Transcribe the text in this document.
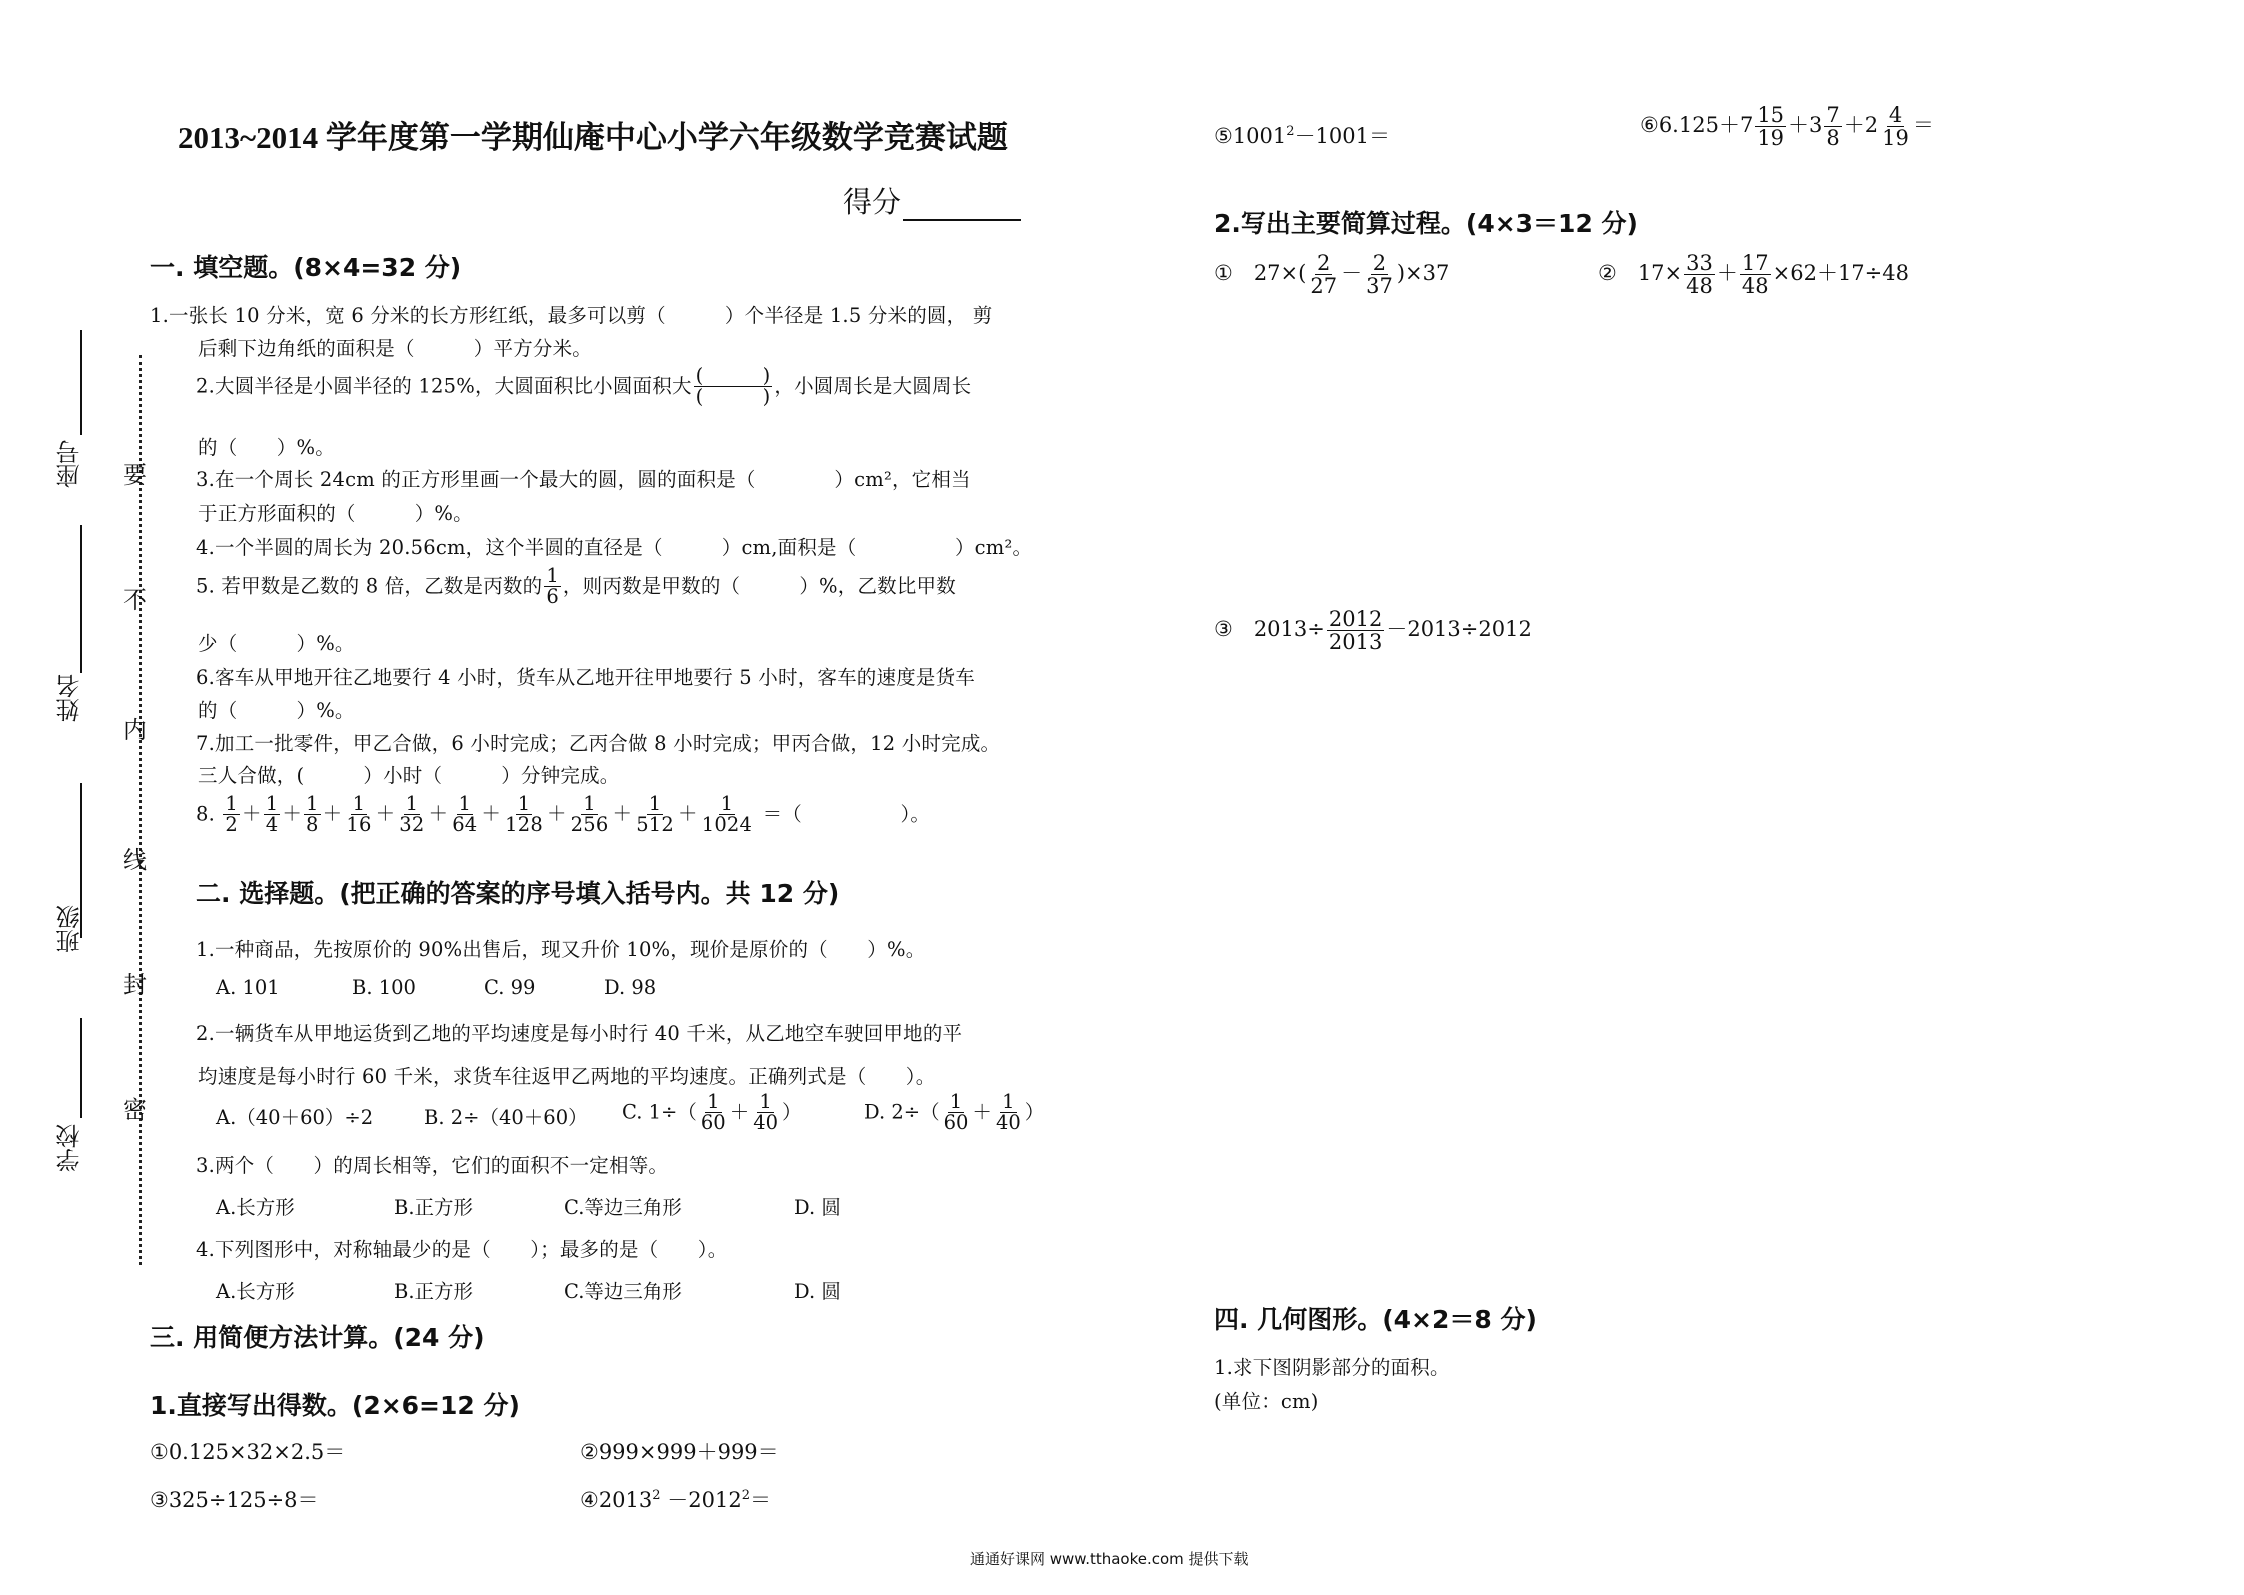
2013~2014 学年度第一学期仙庵中心小学六年级数学竞赛试题
得分
座号
姓名
班级
学校
要
不
内
线
封
密
一. 填空题。(8×4=32 分)
1.一张长 10 分米，宽 6 分米的长方形红纸，最多可以剪（　　　）个半径是 1.5 分米的圆， 剪
后剩下边角纸的面积是（　　　）平方分米。
2.大圆半径是小圆半径的 125%，大圆面积比小圆面积大 $\frac{( )}{( )}$ ，小圆周长是大圆周长
的（　　）%。
3.在一个周长 24cm 的正方形里画一个最大的圆，圆的面积是（　　　　）cm²，它相当
于正方形面积的（　　　）%。
4.一个半圆的周长为 20.56cm，这个半圆的直径是（　　　）cm,面积是（　　　　　）cm²。
5. 若甲数是乙数的 8 倍，乙数是丙数的 $\frac{1}{6}$ ，则丙数是甲数的（　　　）%，乙数比甲数
少（　　　）%。
6.客车从甲地开往乙地要行 4 小时，货车从乙地开往甲地要行 5 小时，客车的速度是货车
的（　　　）%。
7.加工一批零件，甲乙合做，6 小时完成；乙丙合做 8 小时完成；甲丙合做，12 小时完成。
三人合做，(　　　）小时（　　　）分钟完成。
8. $\frac{1}{2} + \frac{1}{4} + \frac{1}{8} + \frac{1}{16} + \frac{1}{32} + \frac{1}{64} + \frac{1}{128} + \frac{1}{256} + \frac{1}{512} + \frac{1}{1024}$ ＝（　　　　　）。
二. 选择题。(把正确的答案的序号填入括号内。共 12 分)
1.一种商品，先按原价的 90%出售后，现又升价 10%，现价是原价的（　　）%。
A. 101	B. 100	C. 99	D. 98
2.一辆货车从甲地运货到乙地的平均速度是每小时行 40 千米，从乙地空车驶回甲地的平
均速度是每小时行 60 千米，求货车往返甲乙两地的平均速度。正确列式是（　　）。
A.（40＋60）÷2	B. 2÷（40＋60） C. $1\div( \frac{1}{60} + \frac{1}{40}$ ）	D. $2\div( \frac{1}{60} + \frac{1}{40}$ ）
3.两个（　　）的周长相等，它们的面积不一定相等。
A.长方形	B.正方形	C.等边三角形	D. 圆
4.下列图形中，对称轴最少的是（　　）；最多的是（　　）。
A.长方形	B.正方形	C.等边三角形	D. 圆
三. 用简便方法计算。(24 分)
1.直接写出得数。(2×6=12 分)
①0.125×32×2.5＝	②999×999＋999＝
③325÷125÷8＝	$④2013^2 -2012^2=$
$⑤1001^2-1001=$	⑥6.125＋7 $\frac{15}{19} +3 \frac{7}{8} +2 \frac{4}{19}$ ＝
2.写出主要简算过程。(4×3＝12 分)
①　$27\times( \frac{2}{27} - \frac{2}{37} )\times 37$	②　$17\times \frac{33}{48} + \frac{17}{48} \times 62+17\div 48$
③　$2013\div \frac{2012}{2013} -2013\div 2012$
四. 几何图形。(4×2＝8 分)
1.求下图阴影部分的面积。
(单位：cm)
通通好课网 www.tthaoke.com 提供下载
